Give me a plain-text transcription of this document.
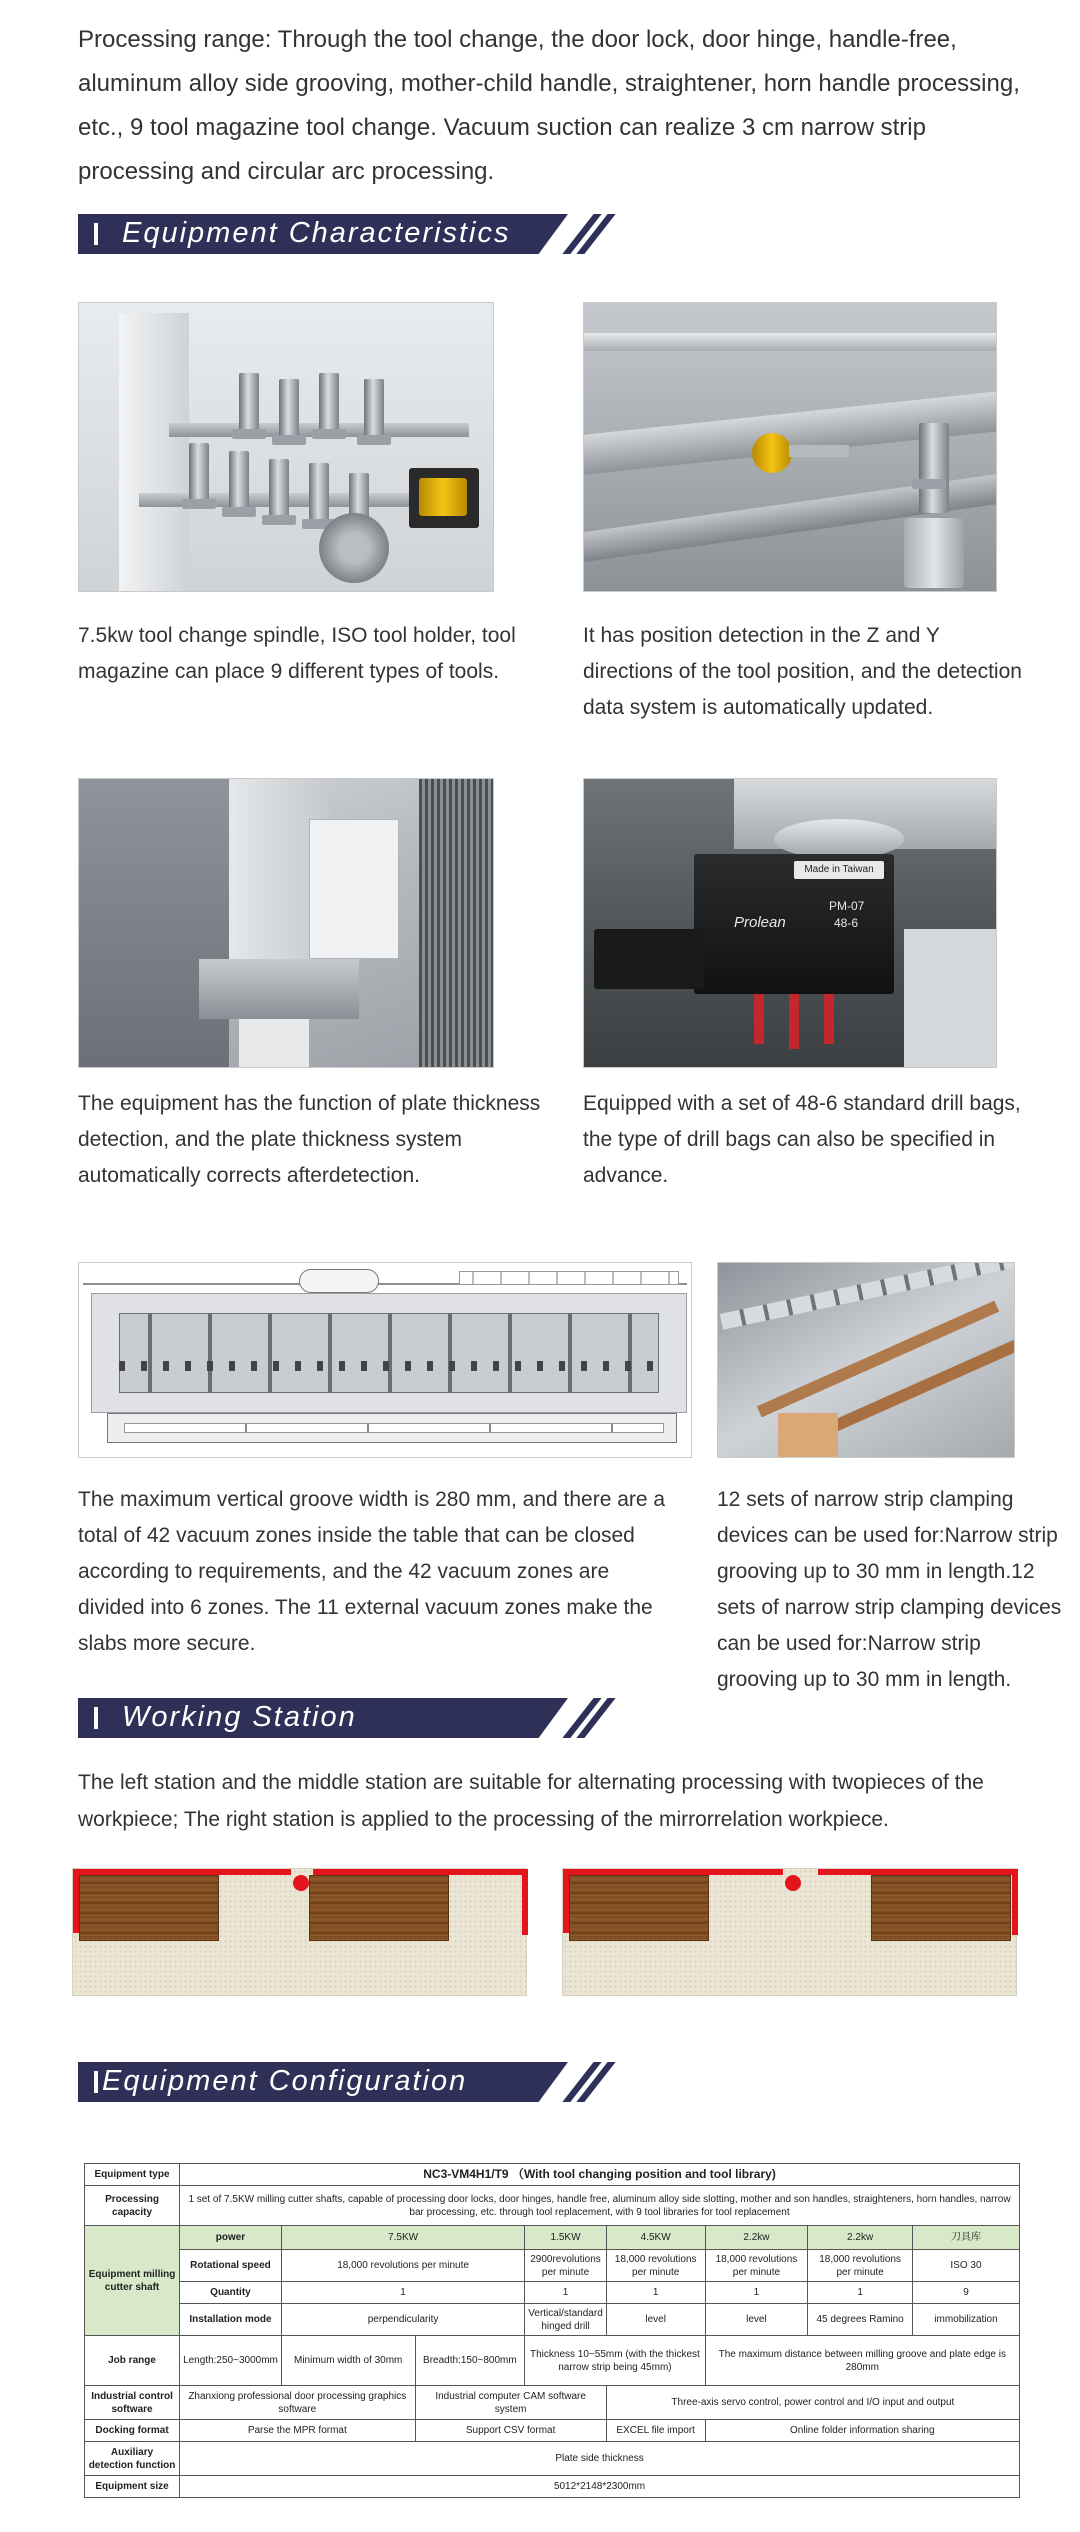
Processing range: Through the tool change, the door lock, door hinge, handle-free, aluminum alloy side grooving, mother-child handle, straightener, horn handle processing, etc., 9 tool magazine tool change. Vacuum suction can realize 3 cm narrow strip processing and circular arc processing.

Equipment Characteristics

7.5kw tool change spindle, ISO tool holder, tool magazine can place 9 different types of tools.

It has position detection in the Z and Y directions of the tool position, and the detection data system is automatically updated.

The equipment has the function of plate thickness detection, and the plate thickness system automatically corrects afterdetection.

Made in Taiwan
Prolean
PM-07
48-6

Equipped with a set of 48-6 standard drill bags, the type of drill bags can also be specified in advance.

The maximum vertical groove width is 280 mm, and there are a total of 42 vacuum zones inside the table that can be closed according to requirements, and the 42 vacuum zones are divided into 6 zones. The 11 external vacuum zones make the slabs more secure.

12 sets of narrow strip clamping devices can be used for:Narrow strip grooving up to 30 mm in length.12 sets of narrow strip clamping devices can be used for:Narrow strip grooving up to 30 mm in length.

Working Station

The left station and the middle station are suitable for alternating processing with twopieces of the workpiece; The right station is applied to the processing of the mirrorrelation workpiece.

Equipment Configuration
Equipment type	NC3-VM4H1/T9 （With tool changing position and tool library)							
Processing capacity	1 set of 7.5KW milling cutter shafts, capable of processing door locks, door hinges, handle free, aluminum alloy side slotting, mother and son handles, straighteners, horn handles, narrow bar processing, etc. through tool replacement, with 9 tool libraries for tool replacement							
Equipment milling cutter shaft	power	7.5KW		1.5KW	4.5KW	2.2kw	2.2kw	刀具库
	Rotational speed	18,000 revolutions per minute		2900revolutions per minute	18,000 revolutions per minute	18,000 revolutions per minute	18,000 revolutions per minute	ISO 30
	Quantity	1		1	1	1	1	9
	Installation mode	perpendicularity		Vertical/standard hinged drill	level	level	45 degrees Ramino	immobilization
Job range	Length:250~3000mm	Minimum width of 30mm	Breadth:150~800mm	Thickness 10~55mm (with the thickest narrow strip being 45mm)		The maximum distance between milling groove and plate edge is 280mm		
Industrial control software	Zhanxiong professional door processing graphics software		Industrial computer CAM software system		Three-axis servo control, power control and I/O input and output			
Docking format	Parse the MPR format		Support CSV format		EXCEL file import	Online folder information sharing		
Auxiliary detection function	Plate side thickness							
Equipment size	5012*2148*2300mm							
